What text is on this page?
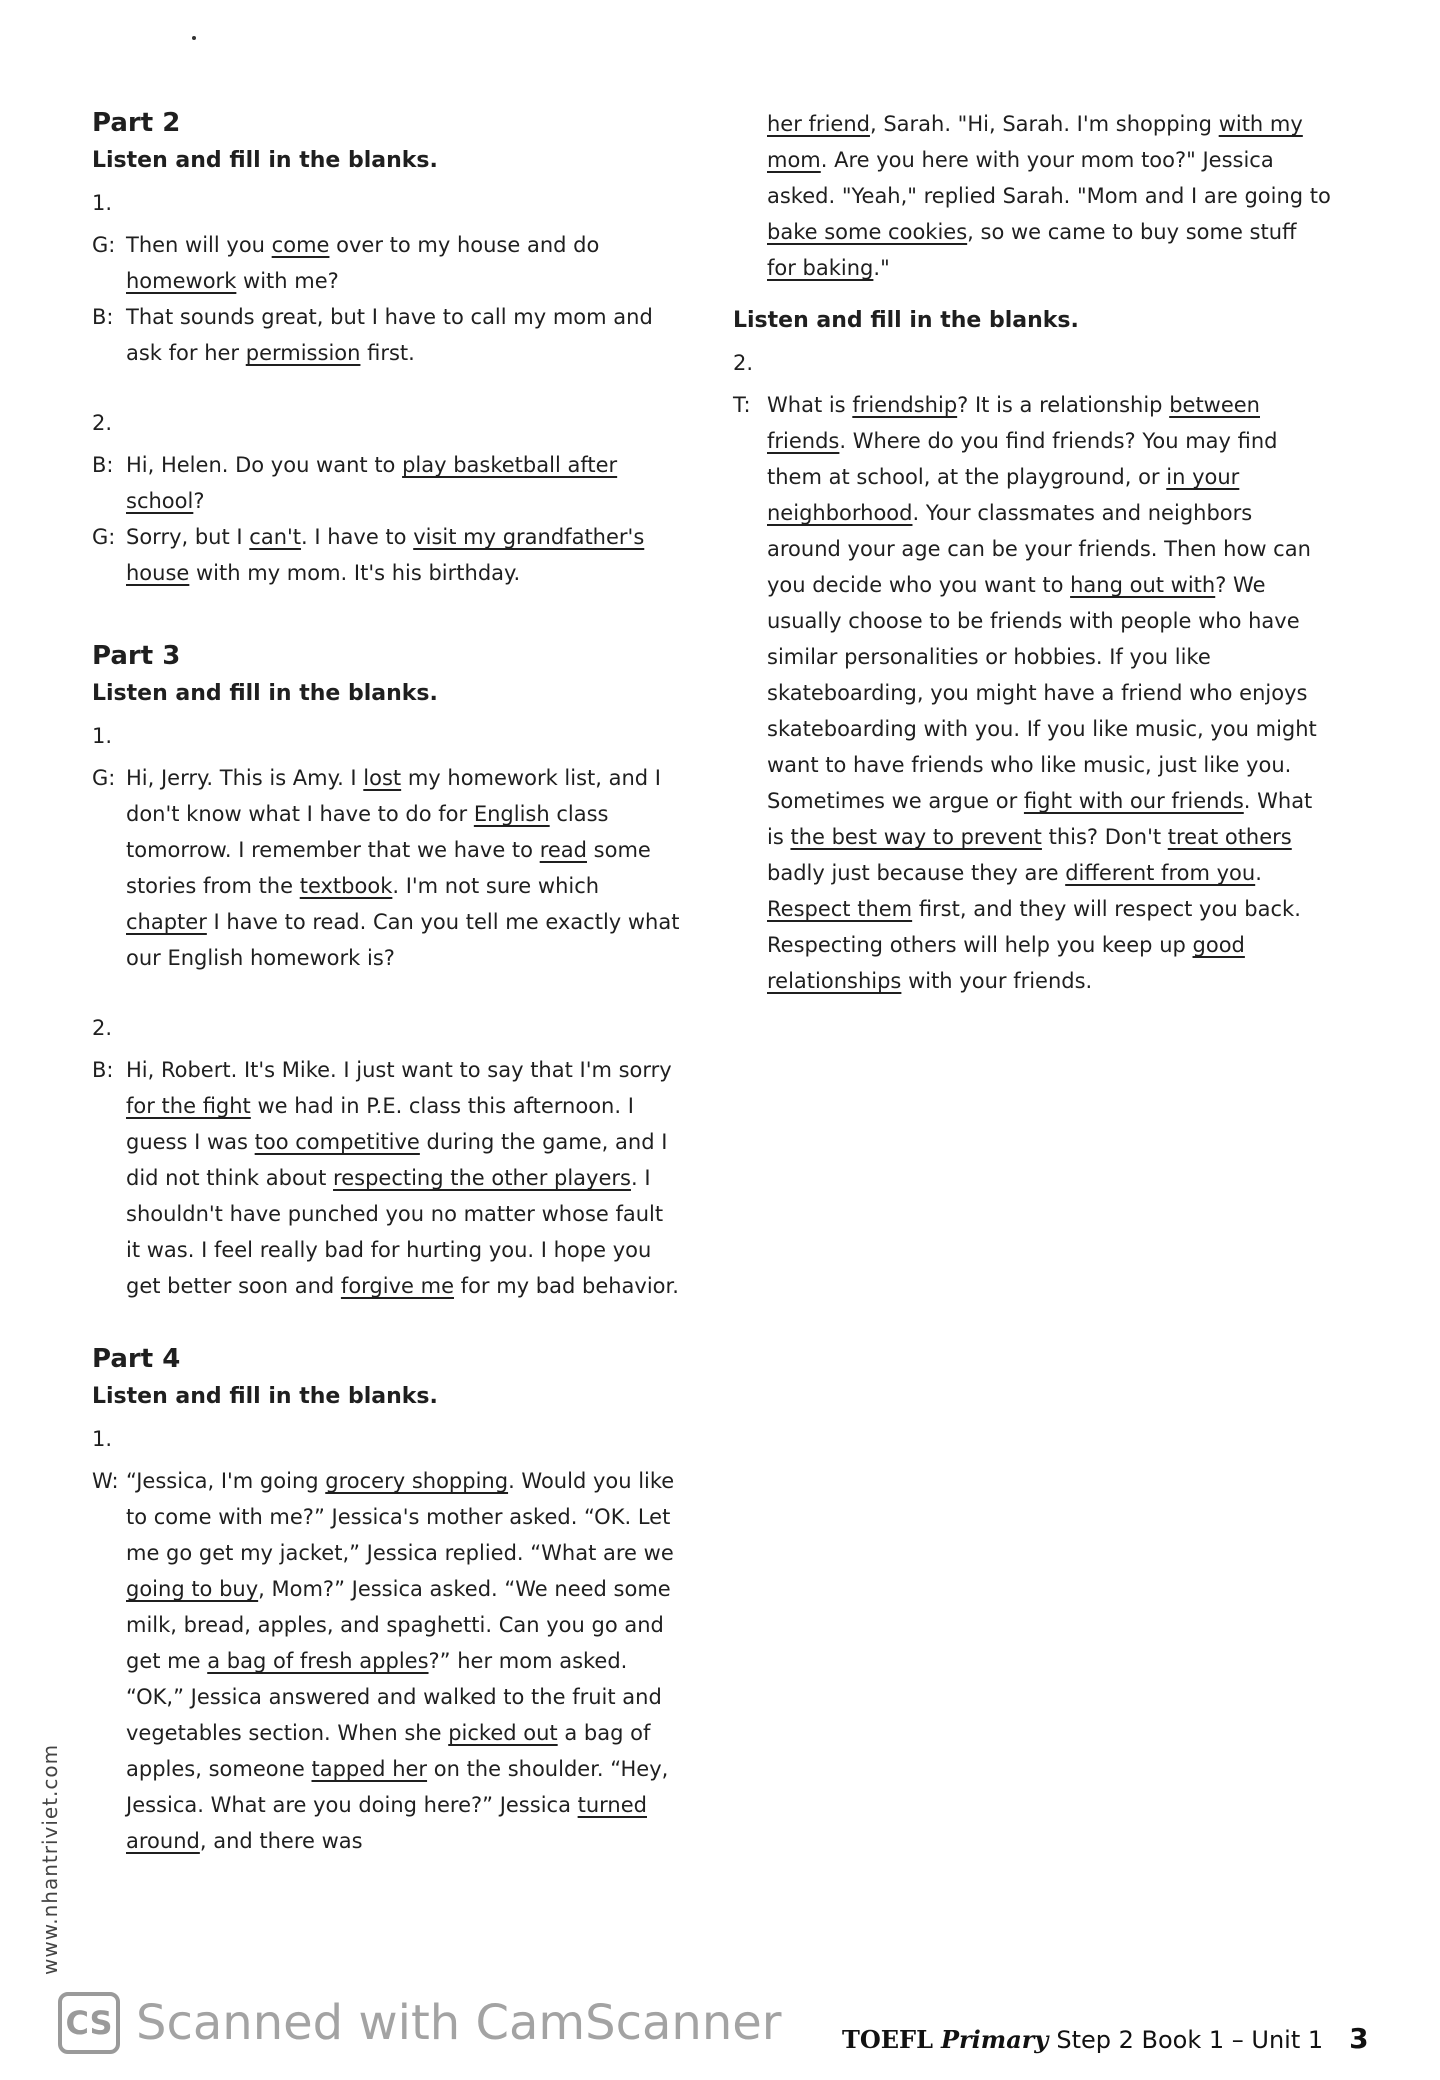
Part 2
Listen and fill in the blanks.
1.
G: Then will you come over to my house and do homework with me?
B: That sounds great, but I have to call my mom and ask for her permission first.
2.
B: Hi, Helen. Do you want to play basketball after school?
G: Sorry, but I can't. I have to visit my grandfather's house with my mom. It's his birthday.
Part 3
Listen and fill in the blanks.
1.
G: Hi, Jerry. This is Amy. I lost my homework list, and I don't know what I have to do for English class tomorrow. I remember that we have to read some stories from the textbook. I'm not sure which chapter I have to read. Can you tell me exactly what our English homework is?
2.
B: Hi, Robert. It's Mike. I just want to say that I'm sorry for the fight we had in P.E. class this afternoon. I guess I was too competitive during the game, and I did not think about respecting the other players. I shouldn't have punched you no matter whose fault it was. I feel really bad for hurting you. I hope you get better soon and forgive me for my bad behavior.
Part 4
Listen and fill in the blanks.
1.
W: “Jessica, I'm going grocery shopping. Would you like to come with me?” Jessica's mother asked. “OK. Let me go get my jacket,” Jessica replied. “What are we going to buy, Mom?” Jessica asked. “We need some milk, bread, apples, and spaghetti. Can you go and get me a bag of fresh apples?” her mom asked. “OK,” Jessica answered and walked to the fruit and vegetables section. When she picked out a bag of apples, someone tapped her on the shoulder. “Hey, Jessica. What are you doing here?” Jessica turned around, and there was
her friend, Sarah. "Hi, Sarah. I'm shopping with my mom. Are you here with your mom too?" Jessica asked. "Yeah," replied Sarah. "Mom and I are going to bake some cookies, so we came to buy some stuff for baking."
Listen and fill in the blanks.
2.
T: What is friendship? It is a relationship between friends. Where do you find friends? You may find them at school, at the playground, or in your neighborhood. Your classmates and neighbors around your age can be your friends. Then how can you decide who you want to hang out with? We usually choose to be friends with people who have similar personalities or hobbies. If you like skateboarding, you might have a friend who enjoys skateboarding with you. If you like music, you might want to have friends who like music, just like you. Sometimes we argue or fight with our friends. What is the best way to prevent this? Don't treat others badly just because they are different from you. Respect them first, and they will respect you back. Respecting others will help you keep up good relationships with your friends.
www.nhantriviet.com
CS Scanned with CamScanner	TOEFL Primary Step 2 Book 1 – Unit 1 3
